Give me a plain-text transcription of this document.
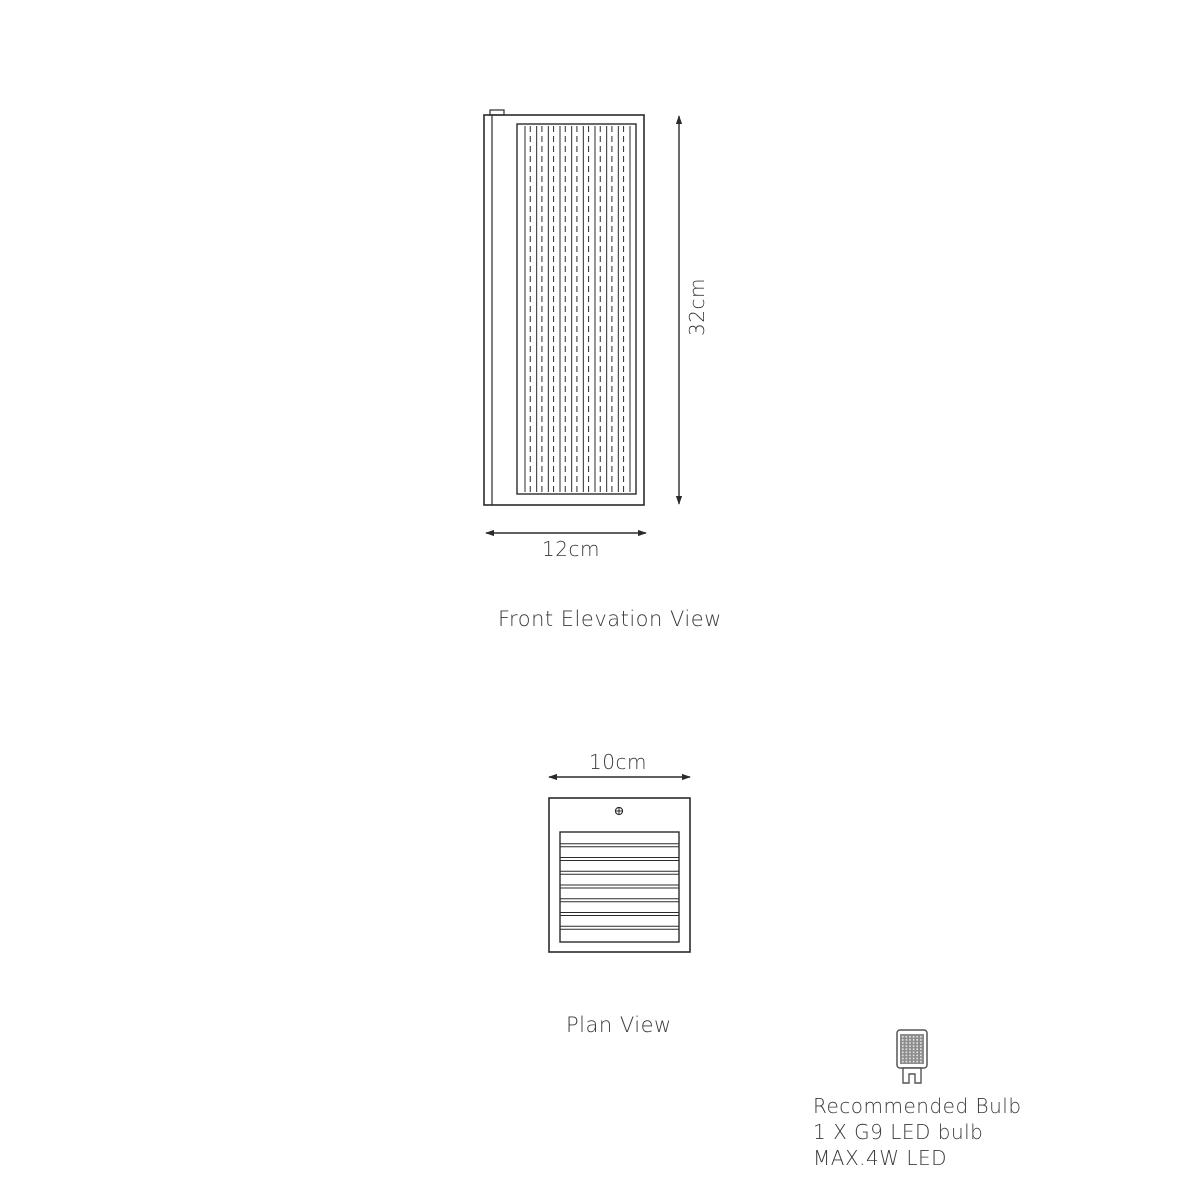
32cm
12cm
Front Elevation View
10cm
Plan View
Recommended Bulb
1 X G9 LED bulb
MAX.4W LED
